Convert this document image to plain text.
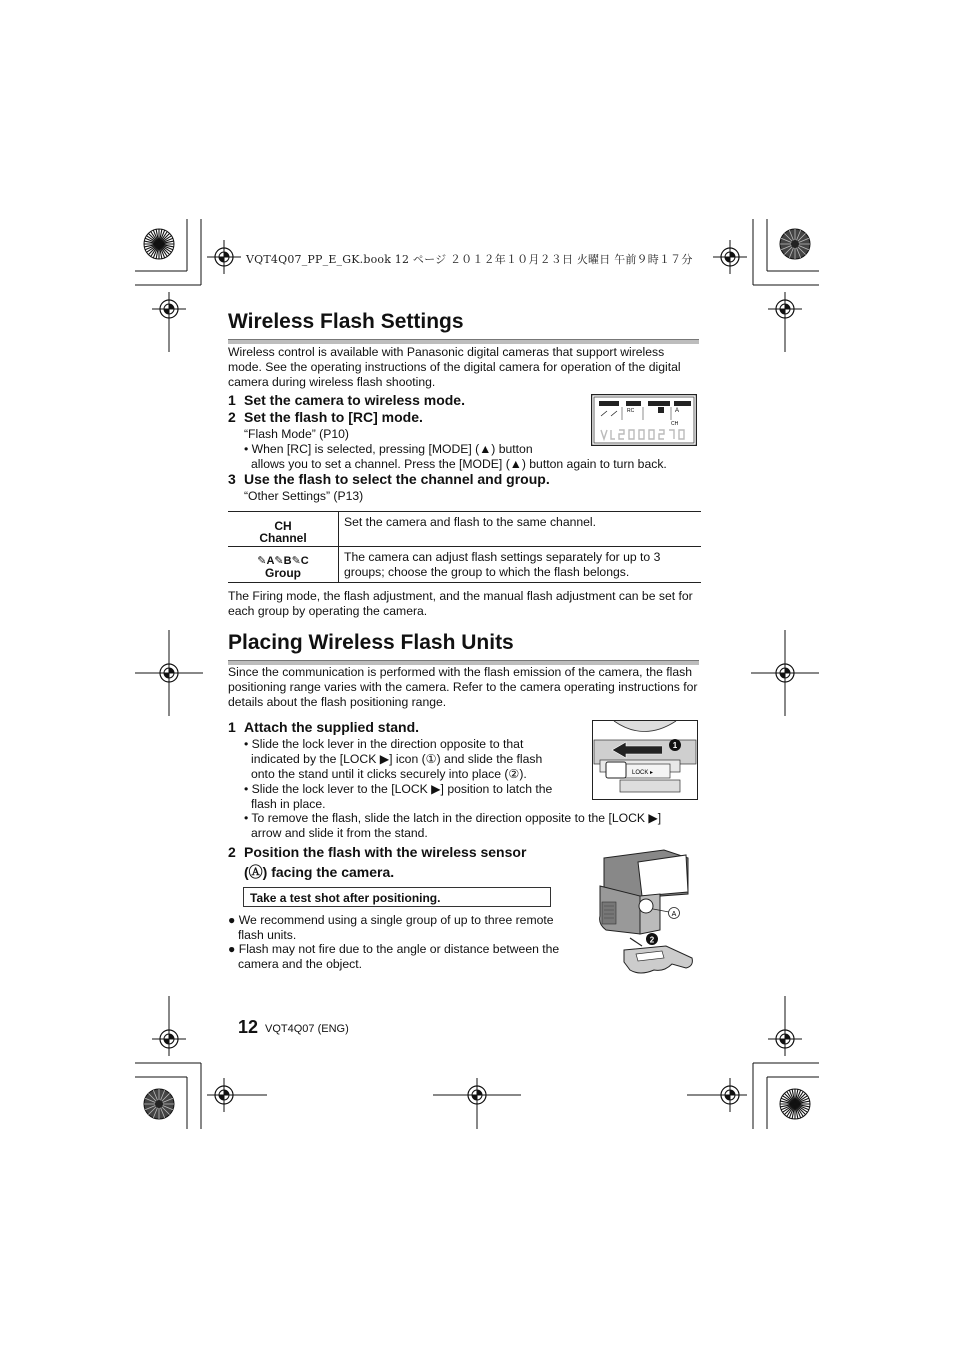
VQT4Q07_PP_E_GK.book 12 ページ ２０１２年１０月２３日 火曜日 午前９時１７分
Wireless Flash Settings

Wireless control is available with Panasonic digital cameras that support wireless mode. See the operating instructions of the digital camera for operation of the digital camera during wireless flash shooting.

1 Set the camera to wireless mode.

2 Set the flash to [RC] mode.

“Flash Mode” (P10)

• When [RC] is selected, pressing [MODE] (▲) button

allows you to set a channel. Press the [MODE] (▲) button again to turn back.

3 Use the flash to select the channel and group.

“Other Settings” (P13)

RC	A
CH
CH
Channel	Set the camera and flash to the same channel.

✎A✎B✎C
Group	The camera can adjust flash settings separately for up to 3 groups; choose the group to which the flash belongs.

The Firing mode, the flash adjustment, and the manual flash adjustment can be set for each group by operating the camera.

Placing Wireless Flash Units

Since the communication is performed with the flash emission of the camera, the flash positioning range varies with the camera. Refer to the camera operating instructions for details about the flash positioning range.

1 Attach the supplied stand.

• Slide the lock lever in the direction opposite to that
indicated by the [LOCK ▶] icon (①) and slide the flash
onto the stand until it clicks securely into place (②).
• Slide the lock lever to the [LOCK ▶] position to latch the
flash in place.
• To remove the flash, slide the latch in the direction opposite to the [LOCK ▶]
arrow and slide it from the stand.
LOCK ▸
1

2 Position the flash with the wireless sensor

(Ⓐ) facing the camera.

Take a test shot after positioning.
● We recommend using a single group of up to three remote
flash units.
● Flash may not fire due to the angle or distance between the
camera and the object.
A
2
12 VQT4Q07 (ENG)
